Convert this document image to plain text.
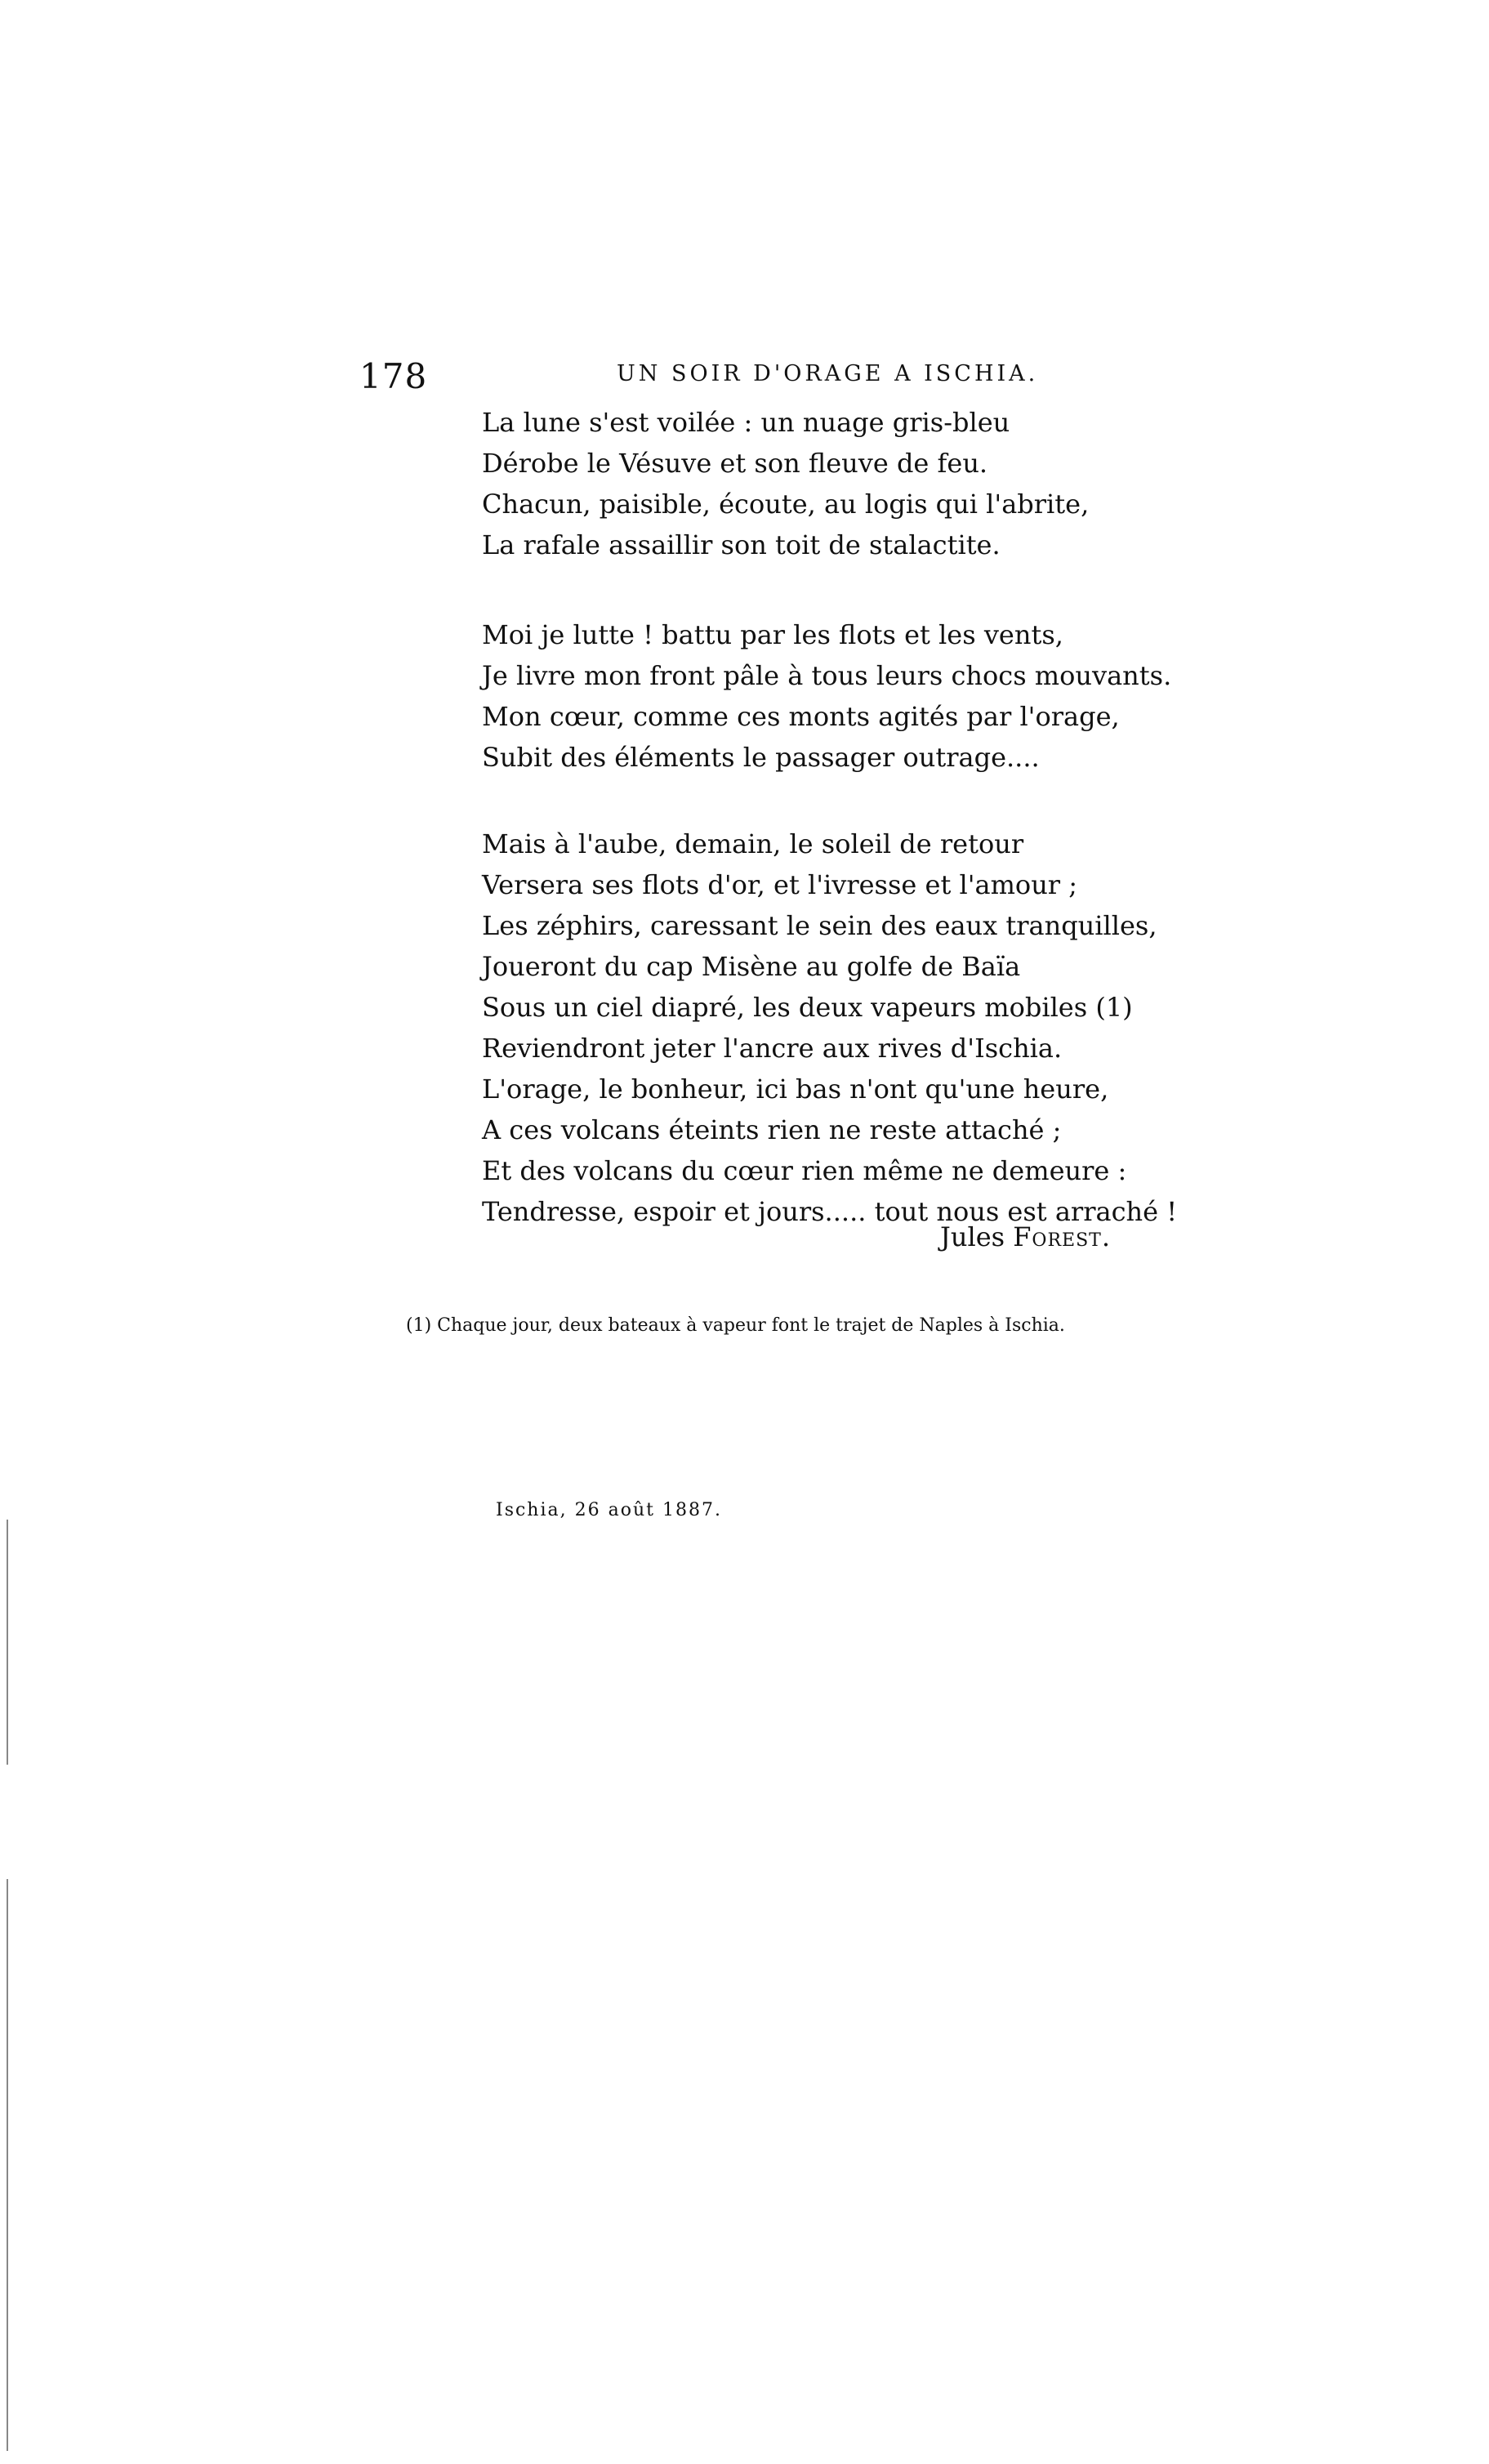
178	UN SOIR D'ORAGE A ISCHIA.
La lune s'est voilée : un nuage gris-bleu
Dérobe le Vésuve et son fleuve de feu.
Chacun, paisible, écoute, au logis qui l'abrite,
La rafale assaillir son toit de stalactite.
Moi je lutte ! battu par les flots et les vents,
Je livre mon front pâle à tous leurs chocs mouvants.
Mon cœur, comme ces monts agités par l'orage,
Subit des éléments le passager outrage....
Mais à l'aube, demain, le soleil de retour
Versera ses flots d'or, et l'ivresse et l'amour ;
Les zéphirs, caressant le sein des eaux tranquilles,
Joueront du cap Misène au golfe de Baïa
Sous un ciel diapré, les deux vapeurs mobiles (1)
Reviendront jeter l'ancre aux rives d'Ischia.
L'orage, le bonheur, ici bas n'ont qu'une heure,
A ces volcans éteints rien ne reste attaché ;
Et des volcans du cœur rien même ne demeure :
Tendresse, espoir et jours..... tout nous est arraché !
Jules Forest.
(1) Chaque jour, deux bateaux à vapeur font le trajet de Naples à Ischia.
Ischia, 26 août 1887.
